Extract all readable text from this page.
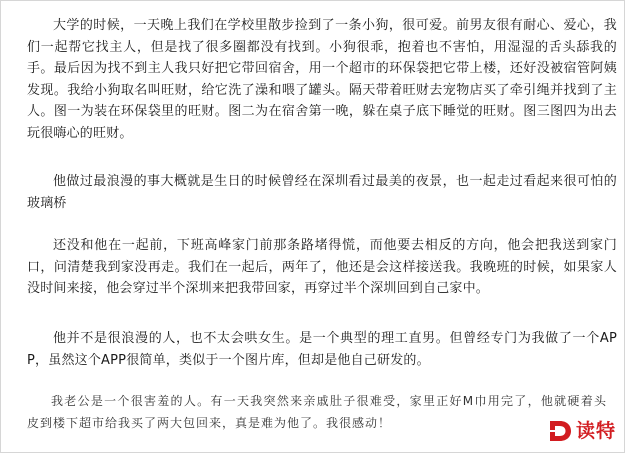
大学的时候，一天晚上我们在学校里散步捡到了一条小狗，很可爱。前男友很有耐心、爱心，我们一起帮它找主人，但是找了很多圈都没有找到。小狗很乖，抱着也不害怕，用湿湿的舌头舔我的手。最后因为找不到主人我只好把它带回宿舍，用一个超市的环保袋把它带上楼，还好没被宿管阿姨发现。我给小狗取名叫旺财，给它洗了澡和喂了罐头。隔天带着旺财去宠物店买了牵引绳并找到了主人。图一为装在环保袋里的旺财。图二为在宿舍第一晚，躲在桌子底下睡觉的旺财。图三图四为出去玩很嗨心的旺财。

他做过最浪漫的事大概就是生日的时候曾经在深圳看过最美的夜景，也一起走过看起来很可怕的玻璃桥

还没和他在一起前，下班高峰家门前那条路堵得慌，而他要去相反的方向，他会把我送到家门口，问清楚我到家没再走。我们在一起后，两年了，他还是会这样接送我。我晚班的时候，如果家人没时间来接，他会穿过半个深圳来把我带回家，再穿过半个深圳回到自己家中。

他并不是很浪漫的人，也不太会哄女生。是一个典型的理工直男。但曾经专门为我做了一个APP，虽然这个APP很简单，类似于一个图片库，但却是他自己研发的。

我老公是一个很害羞的人。有一天我突然来亲戚肚子很难受，家里正好M巾用完了，他就硬着头皮到楼下超市给我买了两大包回来，真是难为他了。我很感动！	读特
